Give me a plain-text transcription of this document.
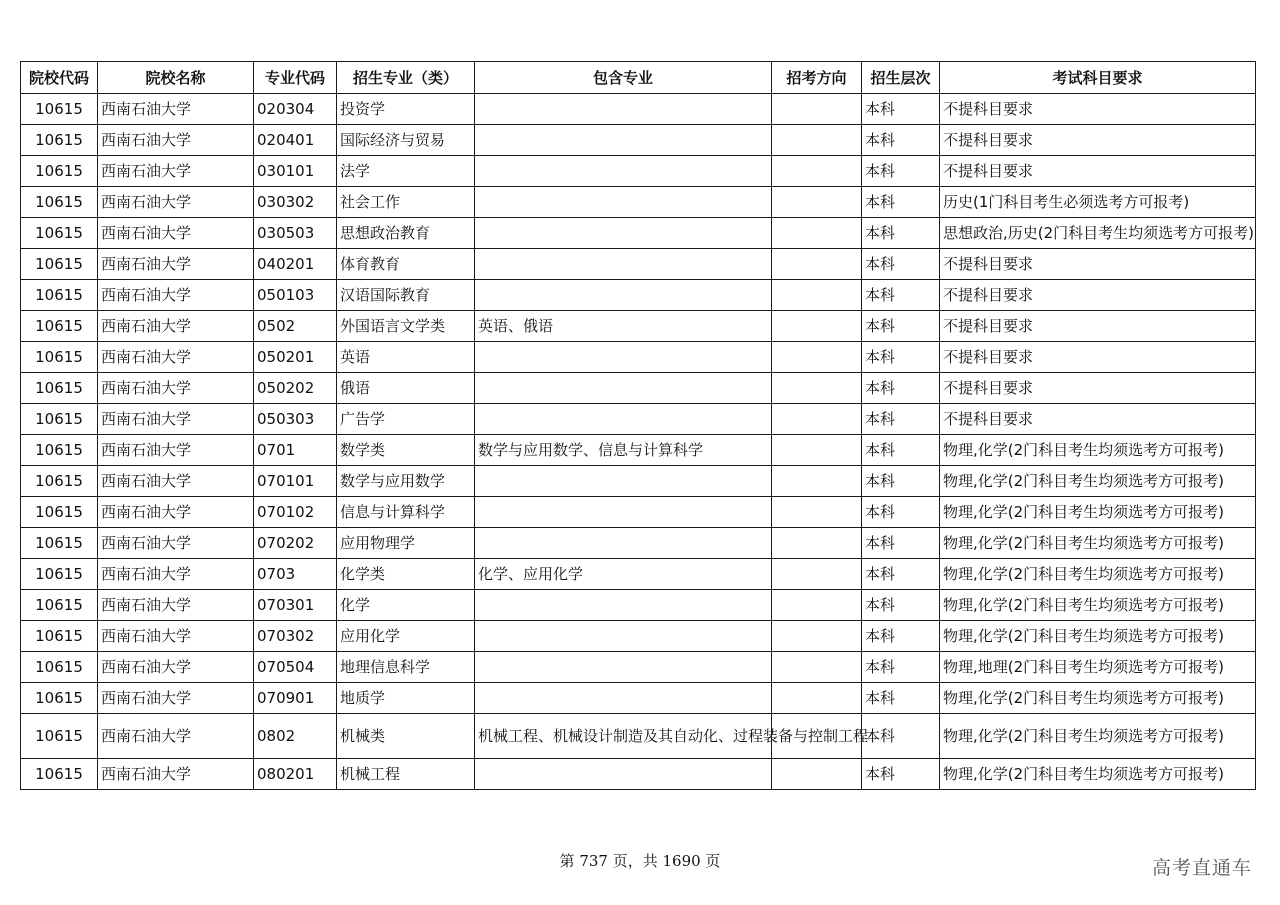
院校代码	院校名称	专业代码	招生专业（类）	包含专业	招考方向	招生层次	考试科目要求
10615	西南石油大学	020304	投资学			本科	不提科目要求
10615	西南石油大学	020401	国际经济与贸易			本科	不提科目要求
10615	西南石油大学	030101	法学			本科	不提科目要求
10615	西南石油大学	030302	社会工作			本科	历史(1门科目考生必须选考方可报考)
10615	西南石油大学	030503	思想政治教育			本科	思想政治,历史(2门科目考生均须选考方可报考)
10615	西南石油大学	040201	体育教育			本科	不提科目要求
10615	西南石油大学	050103	汉语国际教育			本科	不提科目要求
10615	西南石油大学	0502	外国语言文学类	英语、俄语		本科	不提科目要求
10615	西南石油大学	050201	英语			本科	不提科目要求
10615	西南石油大学	050202	俄语			本科	不提科目要求
10615	西南石油大学	050303	广告学			本科	不提科目要求
10615	西南石油大学	0701	数学类	数学与应用数学、信息与计算科学		本科	物理,化学(2门科目考生均须选考方可报考)
10615	西南石油大学	070101	数学与应用数学			本科	物理,化学(2门科目考生均须选考方可报考)
10615	西南石油大学	070102	信息与计算科学			本科	物理,化学(2门科目考生均须选考方可报考)
10615	西南石油大学	070202	应用物理学			本科	物理,化学(2门科目考生均须选考方可报考)
10615	西南石油大学	0703	化学类	化学、应用化学		本科	物理,化学(2门科目考生均须选考方可报考)
10615	西南石油大学	070301	化学			本科	物理,化学(2门科目考生均须选考方可报考)
10615	西南石油大学	070302	应用化学			本科	物理,化学(2门科目考生均须选考方可报考)
10615	西南石油大学	070504	地理信息科学			本科	物理,地理(2门科目考生均须选考方可报考)
10615	西南石油大学	070901	地质学			本科	物理,化学(2门科目考生均须选考方可报考)
10615	西南石油大学	0802	机械类	机械工程、机械设计制造及其自动化、过程装备与控制工程		本科	物理,化学(2门科目考生均须选考方可报考)
10615	西南石油大学	080201	机械工程			本科	物理,化学(2门科目考生均须选考方可报考)
第 737 页，共 1690 页	高考直通车
